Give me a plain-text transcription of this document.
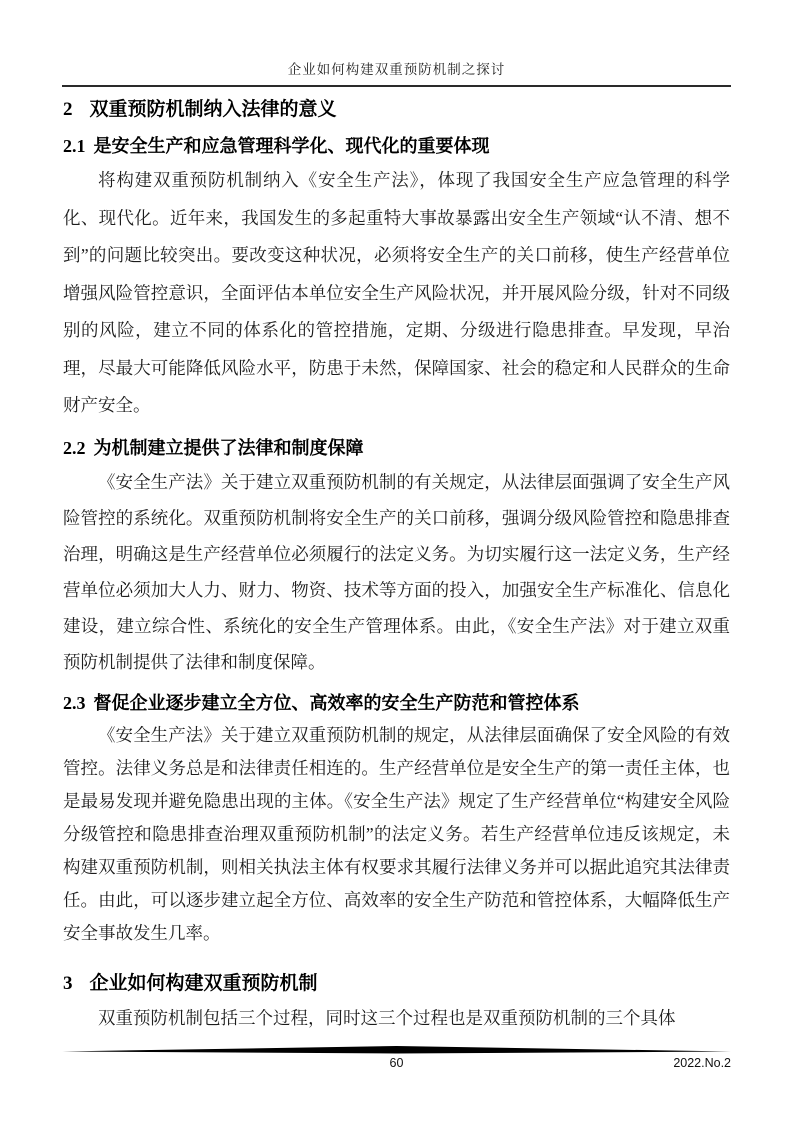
企业如何构建双重预防机制之探讨
2 双重预防机制纳入法律的意义
2.1 是安全生产和应急管理科学化、现代化的重要体现

将构建双重预防机制纳入《安全生产法》，体现了我国安全生产应急管理的科学化、现代化。近年来，我国发生的多起重特大事故暴露出安全生产领域“认不清、想不到”的问题比较突出。要改变这种状况，必须将安全生产的关口前移，使生产经营单位增强风险管控意识，全面评估本单位安全生产风险状况，并开展风险分级，针对不同级别的风险，建立不同的体系化的管控措施，定期、分级进行隐患排查。早发现，早治理，尽最大可能降低风险水平，防患于未然，保障国家、社会的稳定和人民群众的生命财产安全。

2.2 为机制建立提供了法律和制度保障

《安全生产法》关于建立双重预防机制的有关规定，从法律层面强调了安全生产风险管控的系统化。双重预防机制将安全生产的关口前移，强调分级风险管控和隐患排查治理，明确这是生产经营单位必须履行的法定义务。为切实履行这一法定义务，生产经营单位必须加大人力、财力、物资、技术等方面的投入，加强安全生产标准化、信息化建设，建立综合性、系统化的安全生产管理体系。由此，《安全生产法》对于建立双重预防机制提供了法律和制度保障。

2.3 督促企业逐步建立全方位、高效率的安全生产防范和管控体系

《安全生产法》关于建立双重预防机制的规定，从法律层面确保了安全风险的有效管控。法律义务总是和法律责任相连的。生产经营单位是安全生产的第一责任主体，也是最易发现并避免隐患出现的主体。《安全生产法》规定了生产经营单位“构建安全风险分级管控和隐患排查治理双重预防机制”的法定义务。若生产经营单位违反该规定，未构建双重预防机制，则相关执法主体有权要求其履行法律义务并可以据此追究其法律责任。由此，可以逐步建立起全方位、高效率的安全生产防范和管控体系，大幅降低生产安全事故发生几率。

3 企业如何构建双重预防机制

双重预防机制包括三个过程，同时这三个过程也是双重预防机制的三个具体

60	2022.No.2
